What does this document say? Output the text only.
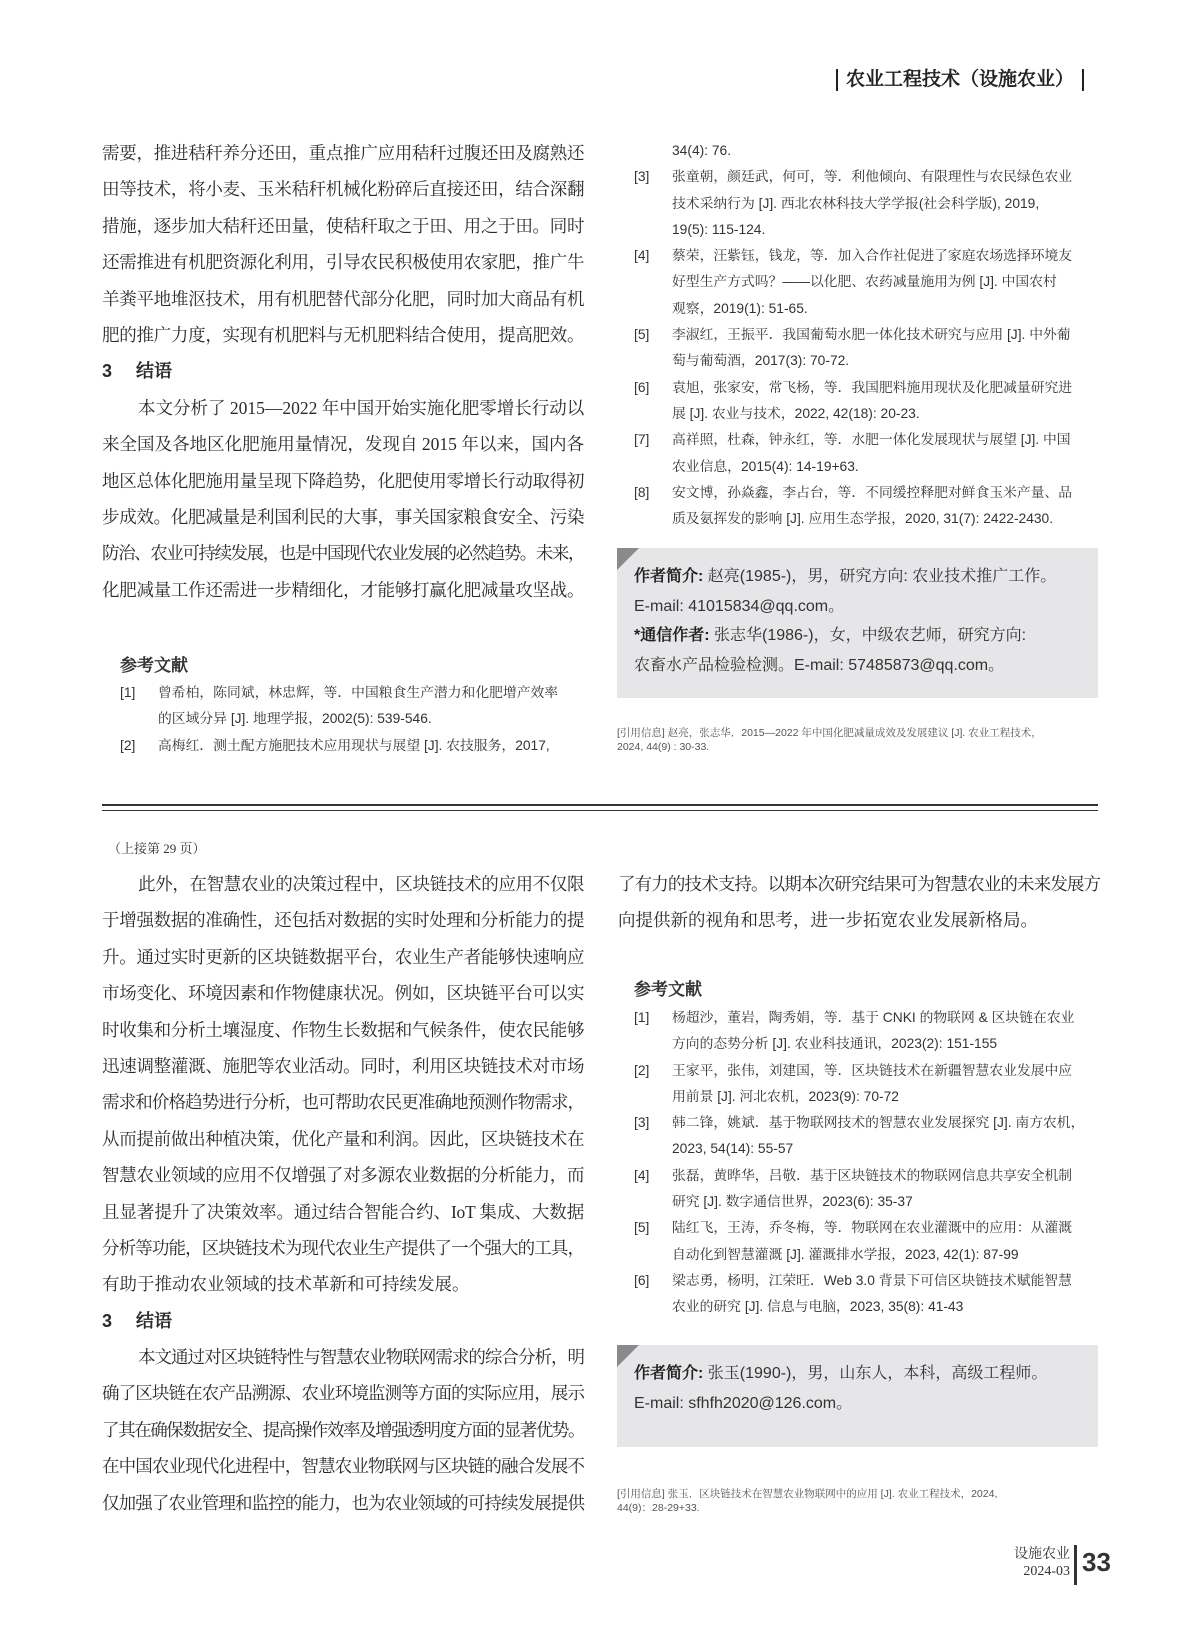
农业工程技术（设施农业）
需要，推进秸秆养分还田，重点推广应用秸秆过腹还田及腐熟还
田等技术，将小麦、玉米秸秆机械化粉碎后直接还田，结合深翻
措施，逐步加大秸秆还田量，使秸秆取之于田、用之于田。同时
还需推进有机肥资源化利用，引导农民积极使用农家肥，推广牛
羊粪平地堆沤技术，用有机肥替代部分化肥，同时加大商品有机
肥的推广力度，实现有机肥料与无机肥料结合使用，提高肥效。
3 结语
本文分析了 2015—2022 年中国开始实施化肥零增长行动以
来全国及各地区化肥施用量情况，发现自 2015 年以来，国内各
地区总体化肥施用量呈现下降趋势，化肥使用零增长行动取得初
步成效。化肥减量是利国利民的大事，事关国家粮食安全、污染
防治、农业可持续发展，也是中国现代农业发展的必然趋势。未来，
化肥减量工作还需进一步精细化，才能够打赢化肥减量攻坚战。
参考文献
[1] 曾希柏，陈同斌，林忠辉，等．中国粮食生产潜力和化肥增产效率
的区域分异 [J]. 地理学报，2002(5): 539-546.
[2] 高梅红．测土配方施肥技术应用现状与展望 [J]. 农技服务，2017,
34(4): 76.
[3] 张童朝，颜廷武，何可，等．利他倾向、有限理性与农民绿色农业
技术采纳行为 [J]. 西北农林科技大学学报(社会科学版), 2019,
19(5): 115-124.
[4] 蔡荣，汪紫钰，钱龙，等．加入合作社促进了家庭农场选择环境友
好型生产方式吗？——以化肥、农药减量施用为例 [J]. 中国农村
观察，2019(1): 51-65.
[5] 李淑红，王振平．我国葡萄水肥一体化技术研究与应用 [J]. 中外葡
萄与葡萄酒，2017(3): 70-72.
[6] 袁旭，张家安，常飞杨，等．我国肥料施用现状及化肥减量研究进
展 [J]. 农业与技术，2022, 42(18): 20-23.
[7] 高祥照，杜森，钟永红，等．水肥一体化发展现状与展望 [J]. 中国
农业信息，2015(4): 14-19+63.
[8] 安文博，孙焱鑫，李占台，等．不同缓控释肥对鲜食玉米产量、品
质及氨挥发的影响 [J]. 应用生态学报，2020, 31(7): 2422-2430.
作者简介: 赵亮(1985-)，男，研究方向: 农业技术推广工作。
E-mail: 41015834@qq.com。
*通信作者: 张志华(1986-)，女，中级农艺师，研究方向:
农畜水产品检验检测。E-mail: 57485873@qq.com。
[引用信息] 赵亮，张志华．2015—2022 年中国化肥减量成效及发展建议 [J]. 农业工程技术，
2024, 44(9) : 30-33.
（上接第 29 页）
此外，在智慧农业的决策过程中，区块链技术的应用不仅限
于增强数据的准确性，还包括对数据的实时处理和分析能力的提
升。通过实时更新的区块链数据平台，农业生产者能够快速响应
市场变化、环境因素和作物健康状况。例如，区块链平台可以实
时收集和分析土壤湿度、作物生长数据和气候条件，使农民能够
迅速调整灌溉、施肥等农业活动。同时，利用区块链技术对市场
需求和价格趋势进行分析，也可帮助农民更准确地预测作物需求，
从而提前做出种植决策，优化产量和利润。因此，区块链技术在
智慧农业领域的应用不仅增强了对多源农业数据的分析能力，而
且显著提升了决策效率。通过结合智能合约、IoT 集成、大数据
分析等功能，区块链技术为现代农业生产提供了一个强大的工具，
有助于推动农业领域的技术革新和可持续发展。
3 结语
本文通过对区块链特性与智慧农业物联网需求的综合分析，明
确了区块链在农产品溯源、农业环境监测等方面的实际应用，展示
了其在确保数据安全、提高操作效率及增强透明度方面的显著优势。
在中国农业现代化进程中，智慧农业物联网与区块链的融合发展不
仅加强了农业管理和监控的能力，也为农业领域的可持续发展提供
了有力的技术支持。以期本次研究结果可为智慧农业的未来发展方
向提供新的视角和思考，进一步拓宽农业发展新格局。
参考文献
[1] 杨超沙，董岩，陶秀娟，等．基于 CNKI 的物联网 & 区块链在农业
方向的态势分析 [J]. 农业科技通讯，2023(2): 151-155
[2] 王家平，张伟，刘建国，等．区块链技术在新疆智慧农业发展中应
用前景 [J]. 河北农机，2023(9): 70-72
[3] 韩二锋，姚斌．基于物联网技术的智慧农业发展探究 [J]. 南方农机，
2023, 54(14): 55-57
[4] 张磊，黄晔华，吕敬．基于区块链技术的物联网信息共享安全机制
研究 [J]. 数字通信世界，2023(6): 35-37
[5] 陆红飞，王涛，乔冬梅，等．物联网在农业灌溉中的应用：从灌溉
自动化到智慧灌溉 [J]. 灌溉排水学报，2023, 42(1): 87-99
[6] 梁志勇，杨明，江荣旺．Web 3.0 背景下可信区块链技术赋能智慧
农业的研究 [J]. 信息与电脑，2023, 35(8): 41-43
作者简介: 张玉(1990-)，男，山东人，本科，高级工程师。
E-mail: sfhfh2020@126.com。
[引用信息] 张玉．区块链技术在智慧农业物联网中的应用 [J]. 农业工程技术，2024,
44(9)：28-29+33.
设施农业
2024-03 33
